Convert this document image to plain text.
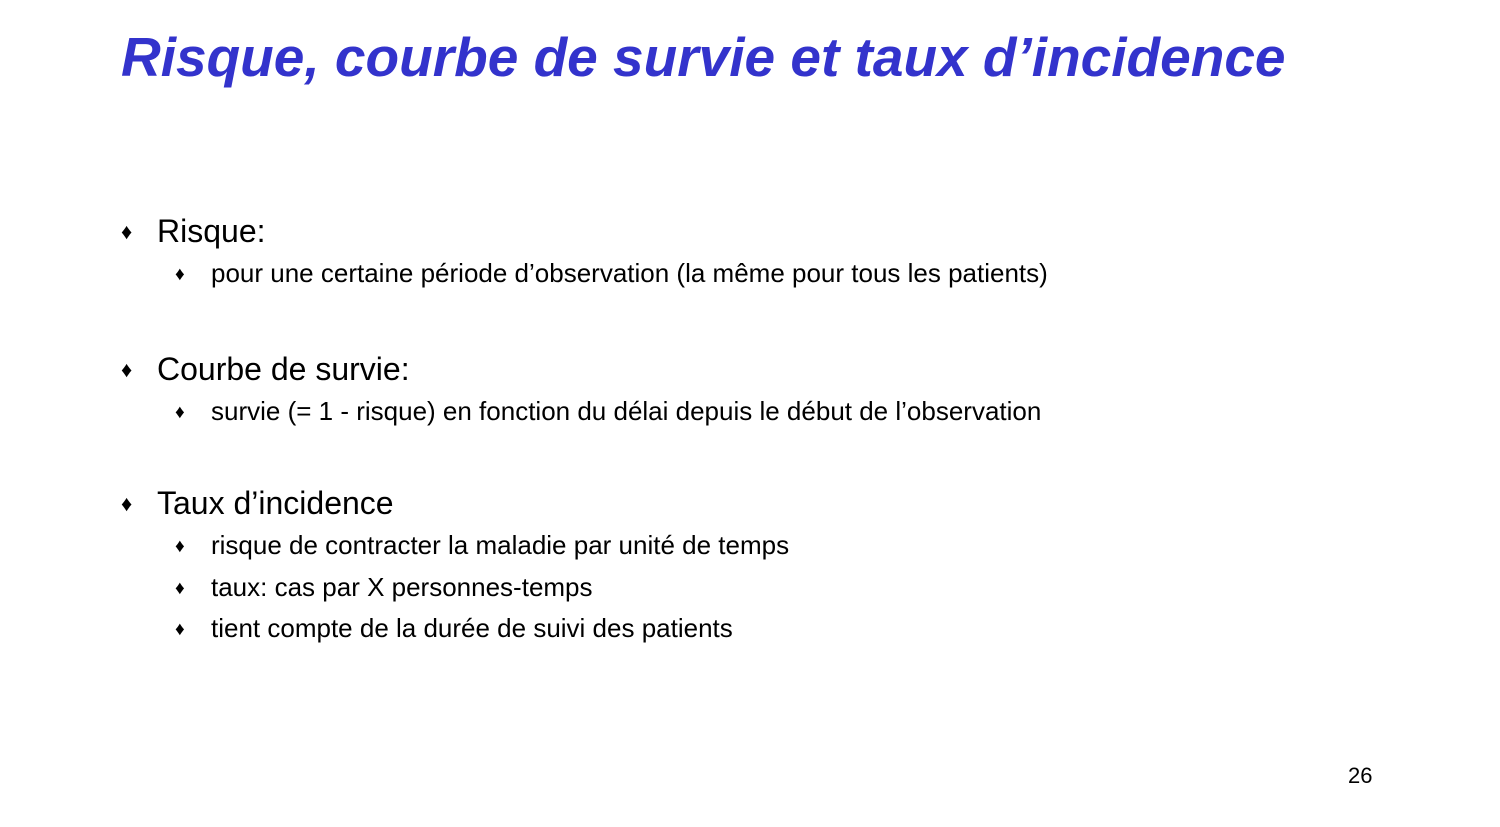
Risque, courbe de survie et taux d’incidence
♦ Risque:
♦	pour une certaine période d’observation (la même pour tous les patients)
♦ Courbe de survie:
♦	survie (= 1 - risque) en fonction du délai depuis le début de l’observation
♦ Taux d’incidence
♦	risque de contracter la maladie par unité de temps
♦	taux: cas par X personnes-temps
♦	tient compte de la durée de suivi des patients
26
